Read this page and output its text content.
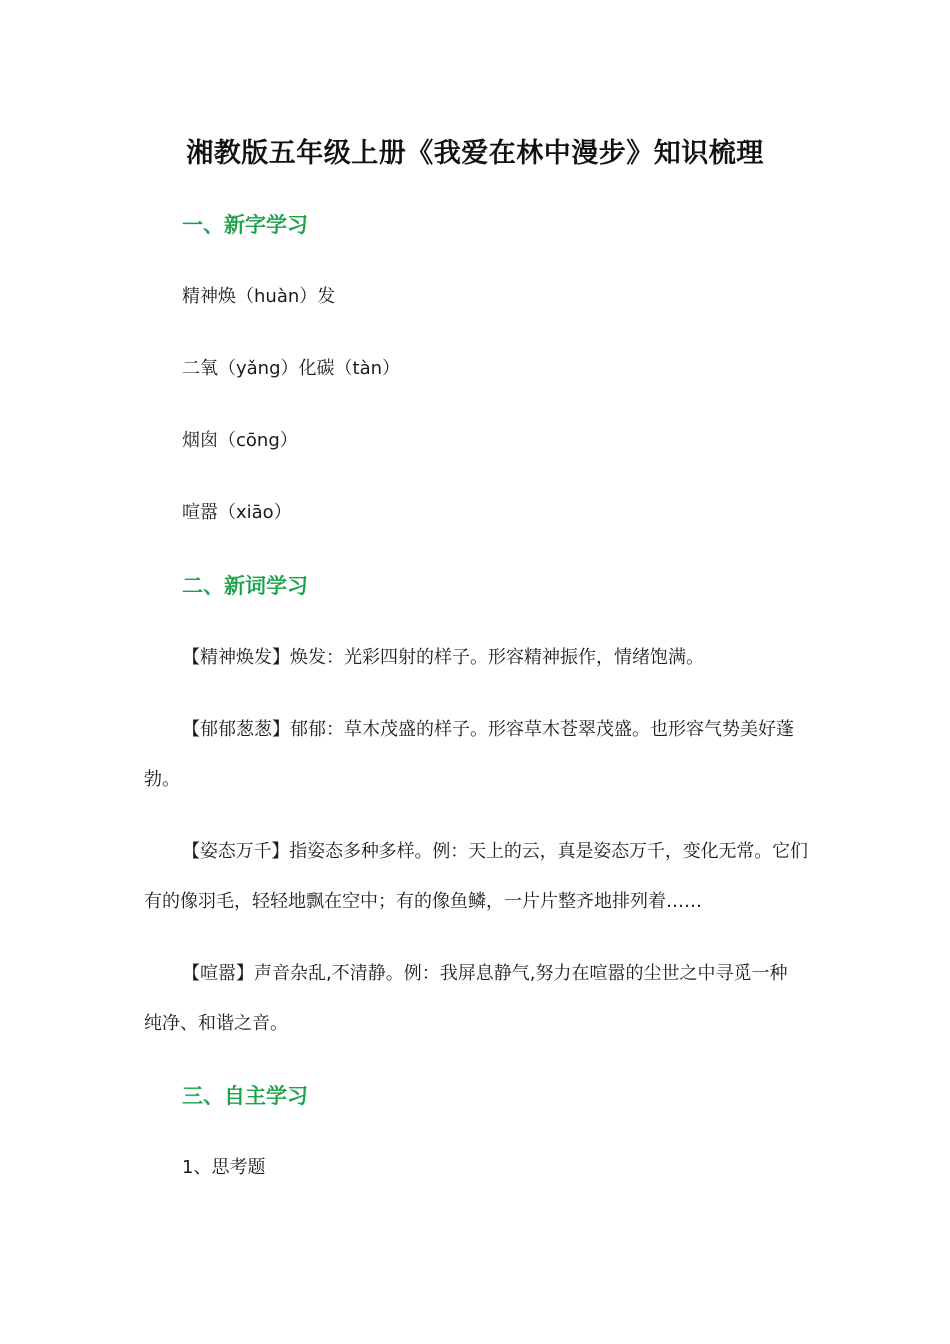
湘教版五年级上册《我爱在林中漫步》知识梳理
一、新字学习
精神焕（huàn）发
二氧（yǎng）化碳（tàn）
烟囱（cōng）
喧嚣（xiāo）
二、新词学习
【精神焕发】焕发：光彩四射的样子。形容精神振作，情绪饱满。
【郁郁葱葱】郁郁：草木茂盛的样子。形容草木苍翠茂盛。也形容气势美好蓬
勃。
【姿态万千】指姿态多种多样。例：天上的云，真是姿态万千，变化无常。它们
有的像羽毛，轻轻地飘在空中；有的像鱼鳞，一片片整齐地排列着……
【喧嚣】声音杂乱,不清静。例：我屏息静气,努力在喧嚣的尘世之中寻觅一种
纯净、和谐之音。
三、自主学习
1、思考题
